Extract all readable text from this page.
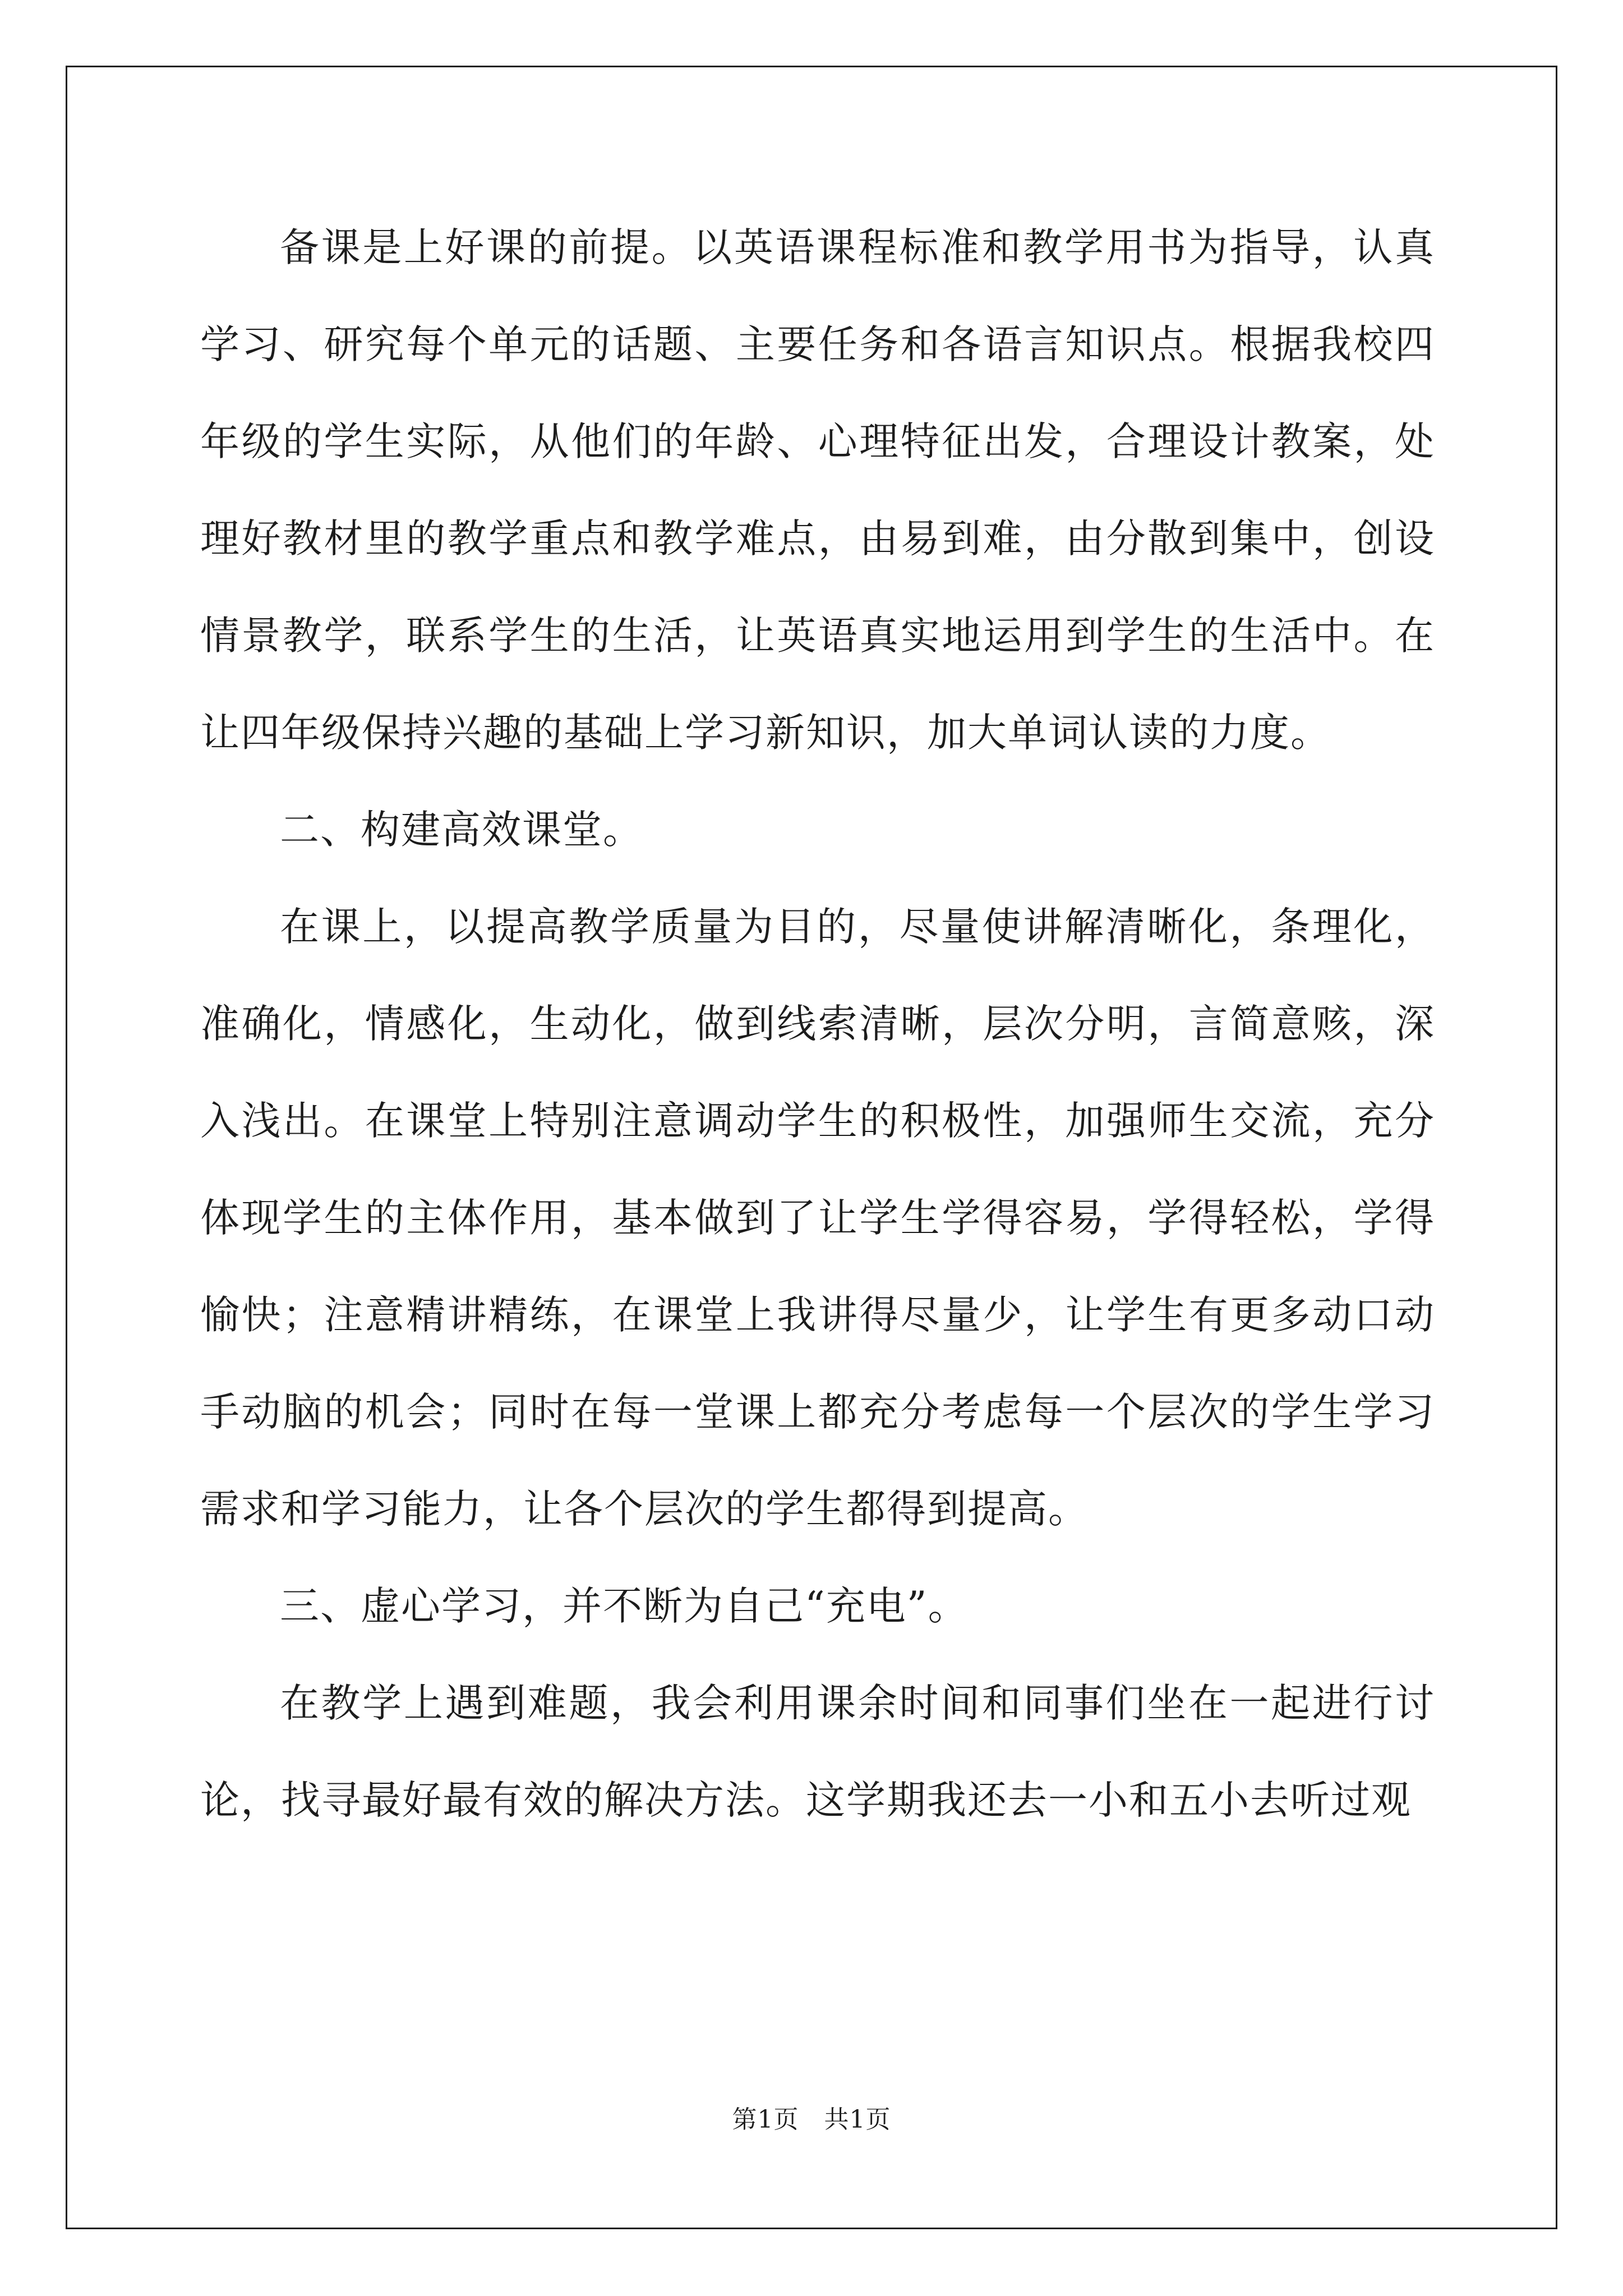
备课是上好课的前提。以英语课程标准和教学用书为指导，认真学习、研究每个单元的话题、主要任务和各语言知识点。根据我校四年级的学生实际，从他们的年龄、心理特征出发，合理设计教案，处理好教材里的教学重点和教学难点，由易到难，由分散到集中，创设情景教学，联系学生的生活，让英语真实地运用到学生的生活中。在让四年级保持兴趣的基础上学习新知识，加大单词认读的力度。

二、构建高效课堂。

在课上，以提高教学质量为目的，尽量使讲解清晰化，条理化，准确化，情感化，生动化，做到线索清晰，层次分明，言简意赅，深入浅出。在课堂上特别注意调动学生的积极性，加强师生交流，充分体现学生的主体作用，基本做到了让学生学得容易，学得轻松，学得愉快；注意精讲精练，在课堂上我讲得尽量少，让学生有更多动口动手动脑的机会；同时在每一堂课上都充分考虑每一个层次的学生学习需求和学习能力，让各个层次的学生都得到提高。

三、虚心学习，并不断为自己“充电”。

在教学上遇到难题，我会利用课余时间和同事们坐在一起进行讨论，找寻最好最有效的解决方法。这学期我还去一小和五小去听过观

第1页　共1页
